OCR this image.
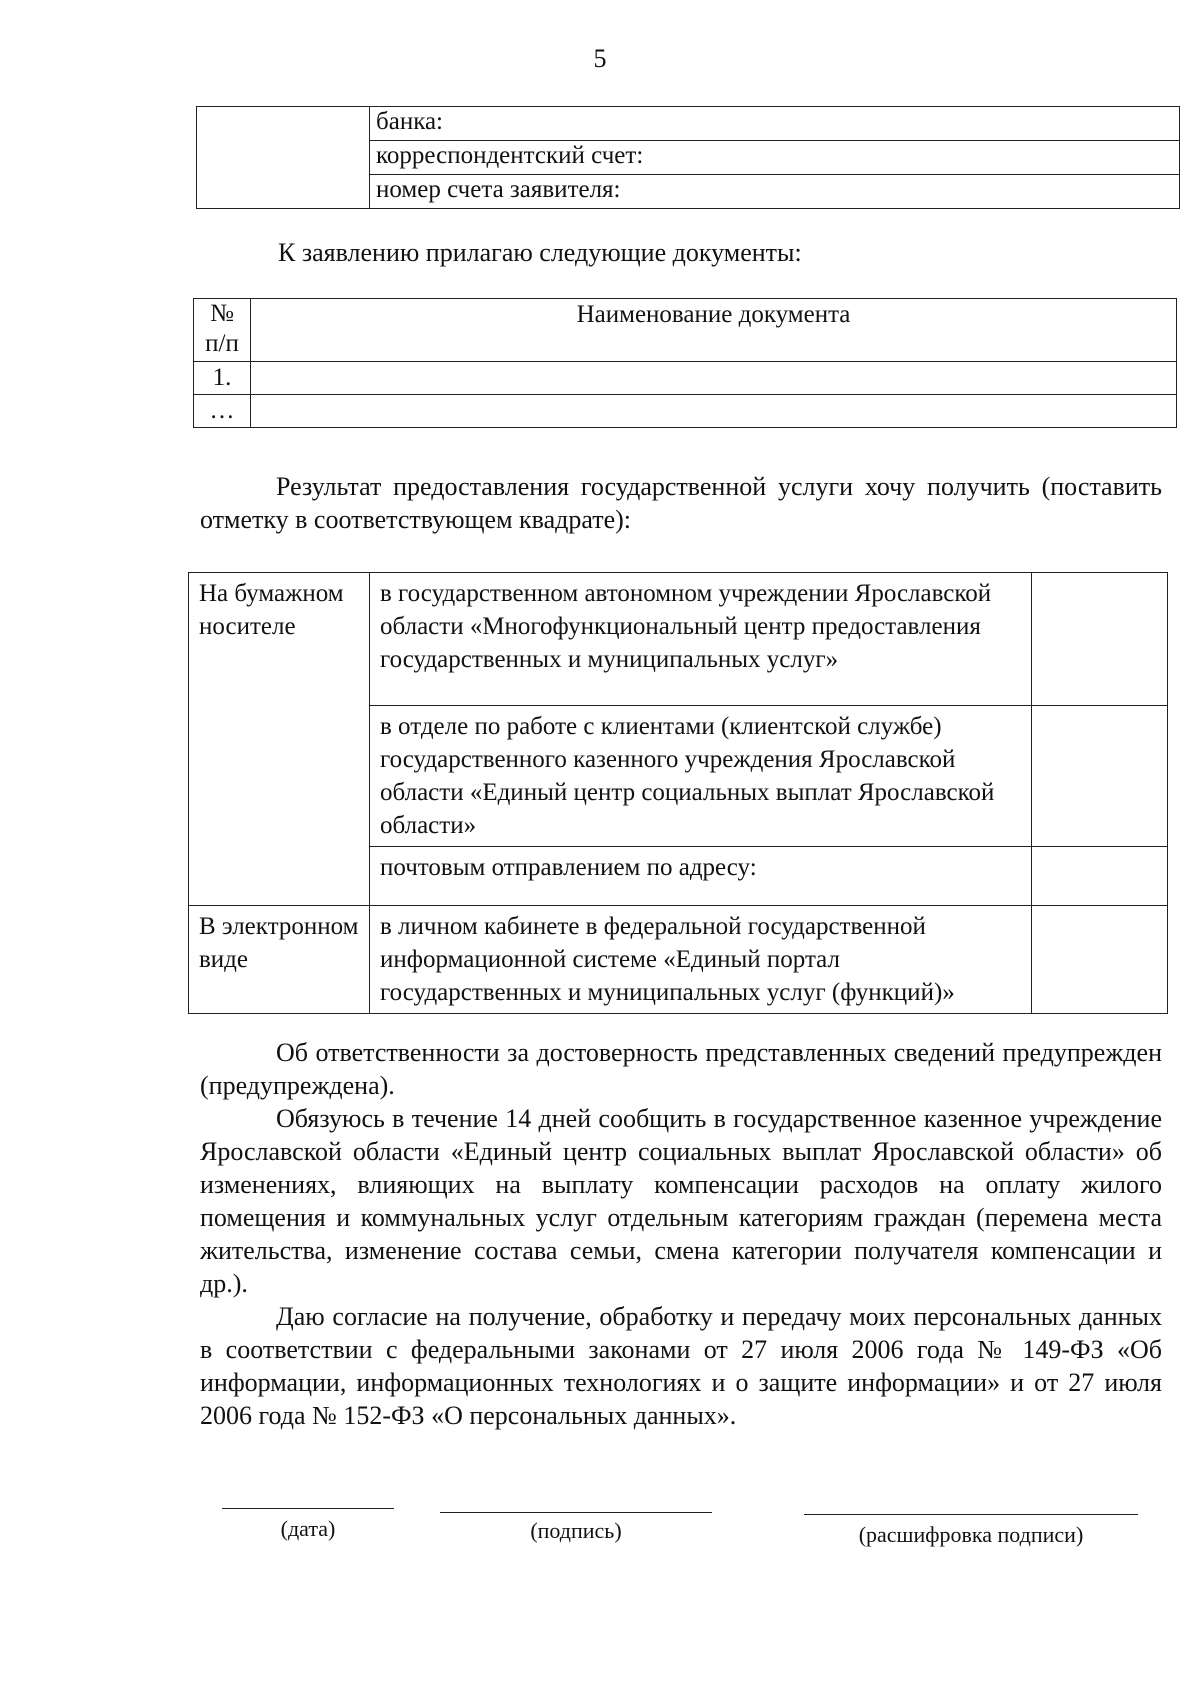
5
	банка:
корреспондентский счет:
номер счета заявителя:
К заявлению прилагаю следующие документы:
№ п/п	Наименование документа
1.	
…	
Результат предоставления государственной услуги хочу получить (поставить отметку в соответствующем квадрате):
На бумажном носителе	в государственном автономном учреждении Ярославской области «Многофункциональный центр предоставления государственных и муниципальных услуг»	
	в отделе по работе с клиентами (клиентской службе) государственного казенного учреждения Ярославской области «Единый центр социальных выплат Ярославской области»	
	почтовым отправлением по адресу:	
В электронном виде	в личном кабинете в федеральной государственной информационной системе «Единый портал государственных и муниципальных услуг (функций)»	
Об ответственности за достоверность представленных сведений предупрежден (предупреждена).
Обязуюсь в течение 14 дней сообщить в государственное казенное учреждение Ярославской области «Единый центр социальных выплат Ярославской области» об изменениях, влияющих на выплату компенсации расходов на оплату жилого помещения и коммунальных услуг отдельным категориям граждан (перемена места жительства, изменение состава семьи, смена категории получателя компенсации и др.).
Даю согласие на получение, обработку и передачу моих персональных данных в соответствии с федеральными законами от 27 июля 2006 года № 149-ФЗ «Об информации, информационных технологиях и о защите информации» и от 27 июля 2006 года № 152-ФЗ «О персональных данных».
(дата)	(подпись)	(расшифровка подписи)
